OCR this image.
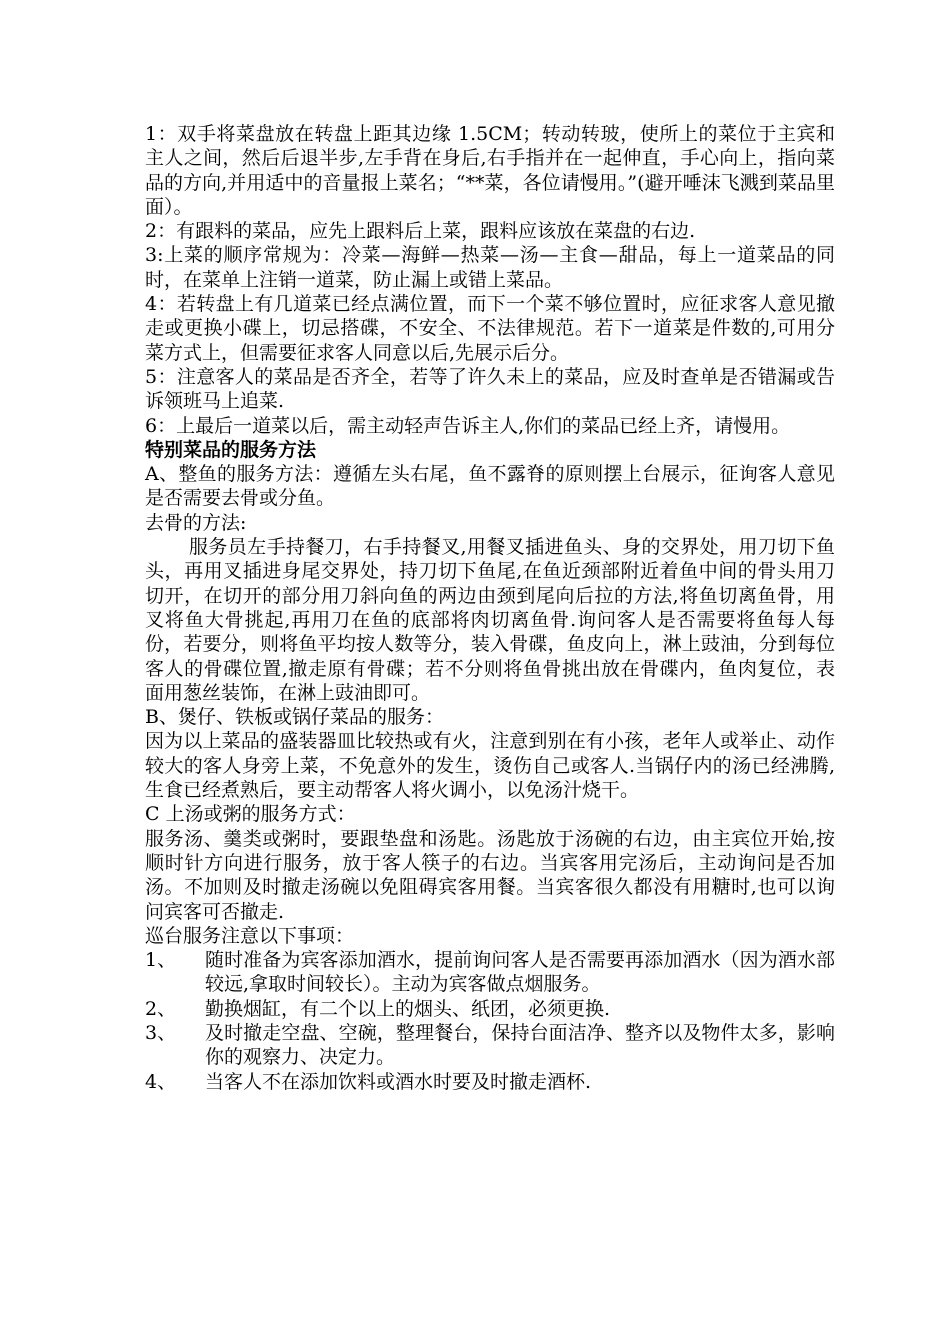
1：双手将菜盘放在转盘上距其边缘 1.5CM；转动转玻，使所上的菜位于主宾和主人之间，然后后退半步,左手背在身后,右手指并在一起伸直，手心向上，指向菜品的方向,并用适中的音量报上菜名；“**菜，各位请慢用。”(避开唾沫飞溅到菜品里面）。

2：有跟料的菜品，应先上跟料后上菜，跟料应该放在菜盘的右边.

3:上菜的顺序常规为：冷菜—海鲜—热菜—汤—主食—甜品，每上一道菜品的同时，在菜单上注销一道菜，防止漏上或错上菜品。

4：若转盘上有几道菜已经点满位置，而下一个菜不够位置时，应征求客人意见撤走或更换小碟上，切忌搭碟，不安全、不法律规范。若下一道菜是件数的,可用分菜方式上，但需要征求客人同意以后,先展示后分。

5：注意客人的菜品是否齐全，若等了许久未上的菜品，应及时查单是否错漏或告诉领班马上追菜.

6：上最后一道菜以后，需主动轻声告诉主人,你们的菜品已经上齐，请慢用。

特别菜品的服务方法

A、整鱼的服务方法：遵循左头右尾，鱼不露脊的原则摆上台展示，征询客人意见是否需要去骨或分鱼。

去骨的方法:

服务员左手持餐刀，右手持餐叉,用餐叉插进鱼头、身的交界处，用刀切下鱼头，再用叉插进身尾交界处，持刀切下鱼尾,在鱼近颈部附近着鱼中间的骨头用刀切开，在切开的部分用刀斜向鱼的两边由颈到尾向后拉的方法,将鱼切离鱼骨，用叉将鱼大骨挑起,再用刀在鱼的底部将肉切离鱼骨.询问客人是否需要将鱼每人每份，若要分，则将鱼平均按人数等分，装入骨碟，鱼皮向上，淋上豉油，分到每位客人的骨碟位置,撤走原有骨碟；若不分则将鱼骨挑出放在骨碟内，鱼肉复位，表面用葱丝装饰，在淋上豉油即可。

B、煲仔、铁板或锅仔菜品的服务：

因为以上菜品的盛装器皿比较热或有火，注意到别在有小孩，老年人或举止、动作较大的客人身旁上菜，不免意外的发生，烫伤自己或客人.当锅仔内的汤已经沸腾,生食已经煮熟后，要主动帮客人将火调小，以免汤汁烧干。

C 上汤或粥的服务方式：

服务汤、羹类或粥时，要跟垫盘和汤匙。汤匙放于汤碗的右边，由主宾位开始,按顺时针方向进行服务，放于客人筷子的右边。当宾客用完汤后，主动询问是否加汤。不加则及时撤走汤碗以免阻碍宾客用餐。当宾客很久都没有用糖时,也可以询问宾客可否撤走.

巡台服务注意以下事项：

1、	随时准备为宾客添加酒水，提前询问客人是否需要再添加酒水（因为酒水部较远,拿取时间较长）。主动为宾客做点烟服务。
2、	勤换烟缸，有二个以上的烟头、纸团，必须更换.
3、	及时撤走空盘、空碗，整理餐台，保持台面洁净、整齐以及物件太多，影响你的观察力、决定力。
4、	当客人不在添加饮料或酒水时要及时撤走酒杯.
